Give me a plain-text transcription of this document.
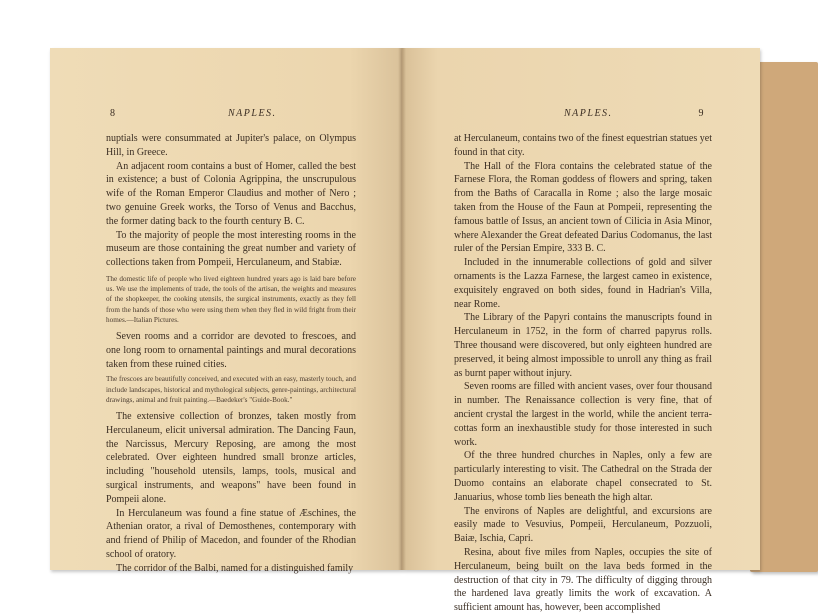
8	NAPLES.

nuptials were consummated at Jupiter's palace, on Olympus Hill, in Greece.

An adjacent room contains a bust of Homer, called the best in existence; a bust of Colonia Agrippina, the unscrupulous wife of the Roman Emperor Claudius and mother of Nero ; two genuine Greek works, the Torso of Venus and Bacchus, the former dating back to the fourth century B. C.

To the majority of people the most interesting rooms in the museum are those containing the great number and variety of collections taken from Pompeii, Herculaneum, and Stabiæ.

The domestic life of people who lived eighteen hundred years ago is laid bare before us. We use the implements of trade, the tools of the artisan, the weights and measures of the shopkeeper, the cooking utensils, the surgical instruments, exactly as they fell from the hands of those who were using them when they fled in wild fright from their homes.—Italian Pictures.

Seven rooms and a corridor are devoted to frescoes, and one long room to ornamental paintings and mural decorations taken from these ruined cities.

The frescoes are beautifully conceived, and executed with an easy, masterly touch, and include landscapes, historical and mythological subjects, genre-paintings, architectural drawings, animal and fruit painting.—Baedeker's "Guide-Book."

The extensive collection of bronzes, taken mostly from Herculaneum, elicit universal admiration. The Dancing Faun, the Narcissus, Mercury Reposing, are among the most celebrated. Over eighteen hundred small bronze articles, including "household utensils, lamps, tools, musical and surgical instruments, and weapons" have been found in Pompeii alone.

In Herculaneum was found a fine statue of Æschines, the Athenian orator, a rival of Demosthenes, contemporary with and friend of Philip of Macedon, and founder of the Rhodian school of oratory.

The corridor of the Balbi, named for a distinguished family

NAPLES.	9

at Herculaneum, contains two of the finest equestrian statues yet found in that city.

The Hall of the Flora contains the celebrated statue of the Farnese Flora, the Roman goddess of flowers and spring, taken from the Baths of Caracalla in Rome ; also the large mosaic taken from the House of the Faun at Pompeii, representing the famous battle of Issus, an ancient town of Cilicia in Asia Minor, where Alexander the Great defeated Darius Codomanus, the last ruler of the Persian Empire, 333 B. C.

Included in the innumerable collections of gold and silver ornaments is the Lazza Farnese, the largest cameo in existence, exquisitely engraved on both sides, found in Hadrian's Villa, near Rome.

The Library of the Papyri contains the manuscripts found in Herculaneum in 1752, in the form of charred papyrus rolls. Three thousand were discovered, but only eighteen hundred are preserved, it being almost impossible to unroll any thing as frail as burnt paper without injury.

Seven rooms are filled with ancient vases, over four thousand in number. The Renaissance collection is very fine, that of ancient crystal the largest in the world, while the ancient terra-cottas form an inexhaustible study for those interested in such work.

Of the three hundred churches in Naples, only a few are particularly interesting to visit. The Cathedral on the Strada der Duomo contains an elaborate chapel consecrated to St. Januarius, whose tomb lies beneath the high altar.

The environs of Naples are delightful, and excursions are easily made to Vesuvius, Pompeii, Herculaneum, Pozzuoli, Baiæ, Ischia, Capri.

Resina, about five miles from Naples, occupies the site of Herculaneum, being built on the lava beds formed in the destruction of that city in 79. The difficulty of digging through the hardened lava greatly limits the work of excavation. A sufficient amount has, however, been accomplished
